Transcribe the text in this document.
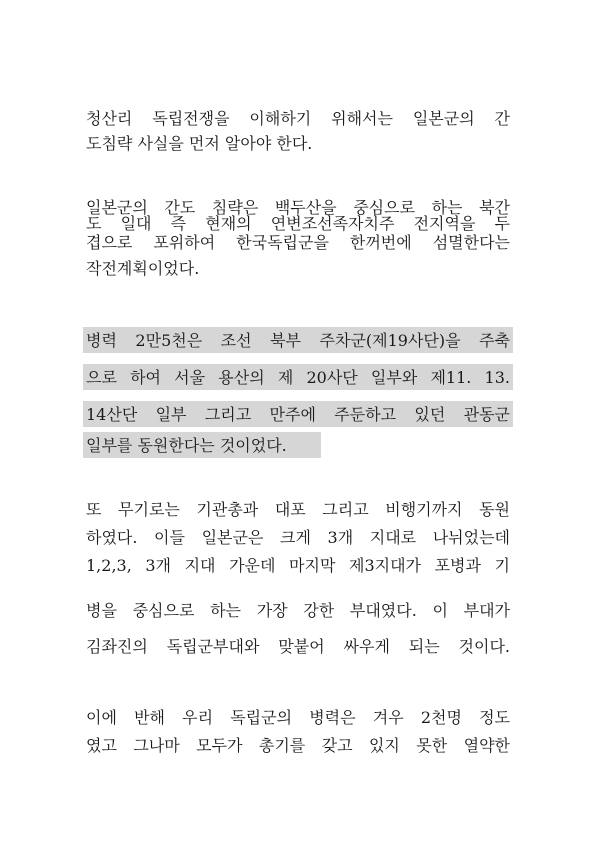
청산리 독립전쟁을 이해하기 위해서는 일본군의 간
도침략 사실을 먼저 알아야 한다.
일본군의 간도 침략은 백두산을 중심으로 하는 북간
도 일대 즉 현재의 연변조선족자치주 전지역을 두
겹으로 포위하여 한국독립군을 한꺼번에 섬멸한다는
작전계획이었다.
병력 2만5천은 조선 북부 주차군(제19사단)을 주축
으로 하여 서울 용산의 제 20사단 일부와 제11. 13.
14산단 일부 그리고 만주에 주둔하고 있던 관동군
일부를 동원한다는 것이었다.
또 무기로는 기관총과 대포 그리고 비행기까지 동원
하였다. 이들 일본군은 크게 3개 지대로 나뉘었는데
1,2,3, 3개 지대 가운데 마지막 제3지대가 포병과 기
병을 중심으로 하는 가장 강한 부대였다. 이 부대가
김좌진의 독립군부대와 맞붙어 싸우게 되는 것이다.
이에 반해 우리 독립군의 병력은 겨우 2천명 정도
였고 그나마 모두가 총기를 갖고 있지 못한 열약한
